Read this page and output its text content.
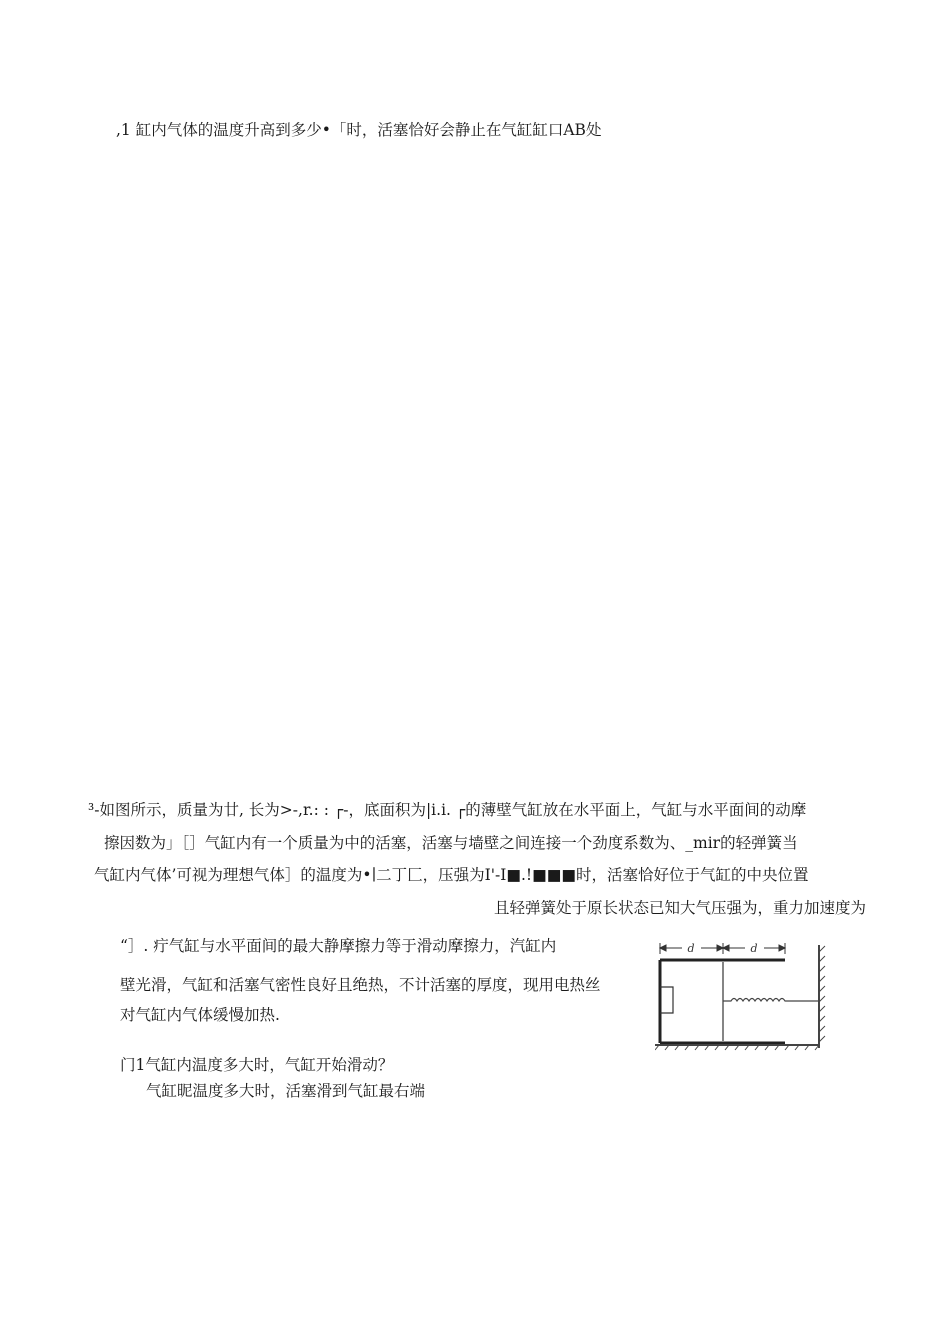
,1 缸内气体的温度升高到多少•「时，活塞恰好会静止在气缸缸口AB处
³-如图所示，质量为廿, 长为>-,r.: : ┌-，底面积为|i.i. ┌的薄壁气缸放在水平面上，气缸与水平面间的动摩
擦因数为」［］气缸内有一个质量为中的活塞，活塞与墙壁之间连接一个劲度系数为、_mir的轻弹簧当
气缸内气体’可视为理想气体］的温度为•∣二丁匚，压强为I'-I■.!■■■时，活塞恰好位于气缸的中央位置
且轻弹簧处于原长状态已知大气压强为，重力加速度为
“］. 疔气缸与水平面间的最大静摩擦力等于滑动摩擦力，汽缸内
壁光滑，气缸和活塞气密性良好且绝热，不计活塞的厚度，现用电热丝
对气缸内气体缓慢加热.
门1气缸内温度多大时，气缸开始滑动？
气缸昵温度多大时，活塞滑到气缸最右端
d	d
